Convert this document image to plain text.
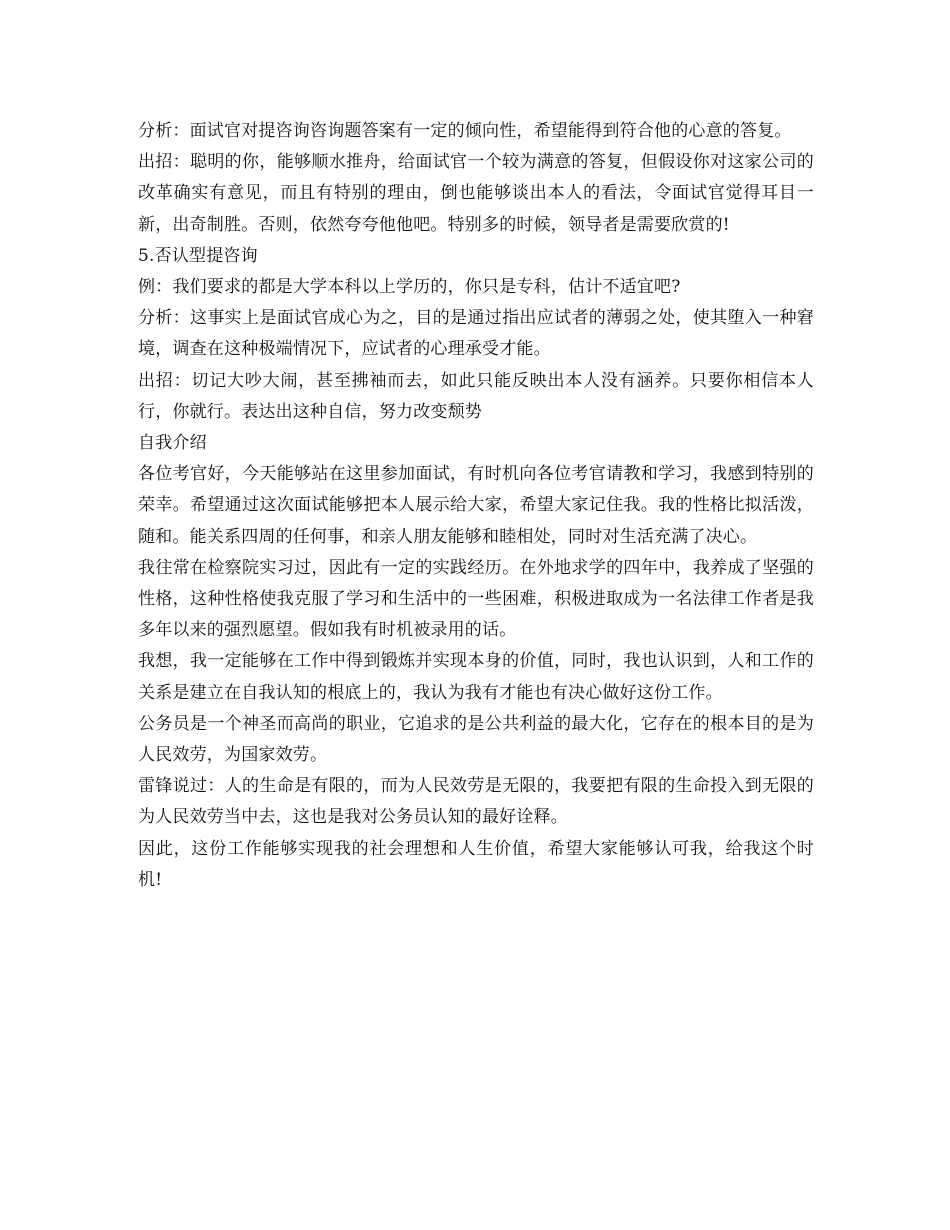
分析：面试官对提咨询咨询题答案有一定的倾向性，希望能得到符合他的心意的答复。

出招：聪明的你，能够顺水推舟，给面试官一个较为满意的答复，但假设你对这家公司的改革确实有意见，而且有特别的理由，倒也能够谈出本人的看法，令面试官觉得耳目一新，出奇制胜。否则，依然夸夸他他吧。特别多的时候，领导者是需要欣赏的!

5.否认型提咨询

例：我们要求的都是大学本科以上学历的，你只是专科，估计不适宜吧?

分析：这事实上是面试官成心为之，目的是通过指出应试者的薄弱之处，使其堕入一种窘境，调查在这种极端情况下，应试者的心理承受才能。

出招：切记大吵大闹，甚至拂袖而去，如此只能反映出本人没有涵养。只要你相信本人行，你就行。表达出这种自信，努力改变颓势

自我介绍

各位考官好，今天能够站在这里参加面试，有时机向各位考官请教和学习，我感到特别的荣幸。希望通过这次面试能够把本人展示给大家，希望大家记住我。我的性格比拟活泼，随和。能关系四周的任何事，和亲人朋友能够和睦相处，同时对生活充满了决心。

我往常在检察院实习过，因此有一定的实践经历。在外地求学的四年中，我养成了坚强的性格，这种性格使我克服了学习和生活中的一些困难，积极进取成为一名法律工作者是我多年以来的强烈愿望。假如我有时机被录用的话。

我想，我一定能够在工作中得到锻炼并实现本身的价值，同时，我也认识到，人和工作的关系是建立在自我认知的根底上的，我认为我有才能也有决心做好这份工作。

公务员是一个神圣而高尚的职业，它追求的是公共利益的最大化，它存在的根本目的是为人民效劳，为国家效劳。

雷锋说过：人的生命是有限的，而为人民效劳是无限的，我要把有限的生命投入到无限的为人民效劳当中去，这也是我对公务员认知的最好诠释。

因此，这份工作能够实现我的社会理想和人生价值，希望大家能够认可我，给我这个时机!
